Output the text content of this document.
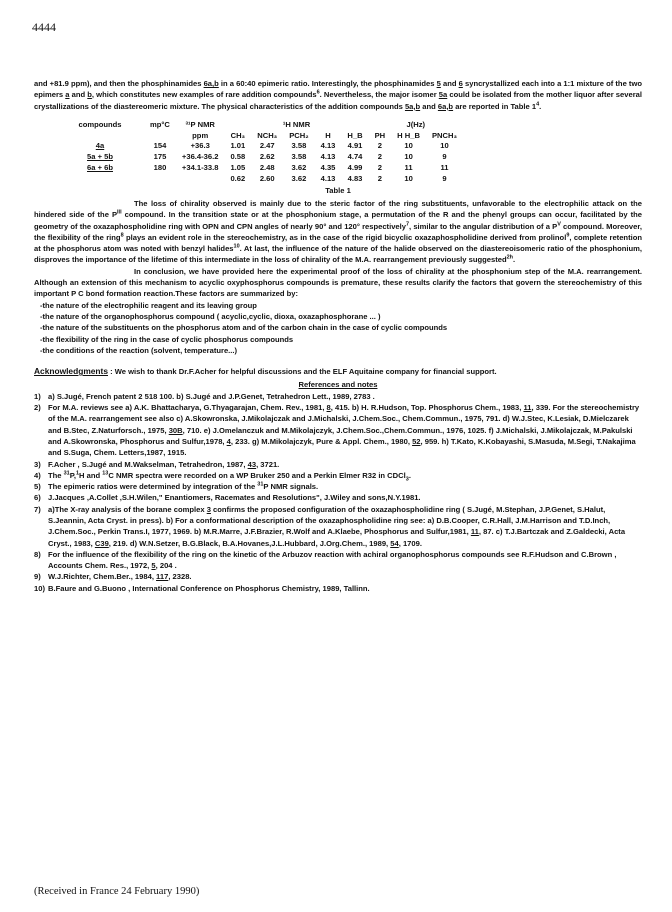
4444

and +81.9 ppm), and then the phosphinamides 6a,b in a 60:40 epimeric ratio. Interestingly, the phosphinamides 5 and 6 syncrystallized each into a 1:1 mixture of the two epimers a and b, which constitutes new examples of rare addition compounds$^6$. Nevertheless, the major isomer 5a could be isolated from the mother liquor after several crystallizations of the diastereomeric mixture. The physical characteristics of the addition compounds 5a,b and 6a,b are reported in Table $1^4$.

compounds	mp°C	³¹P NMR	¹H NMR					J(Hz)		
		ppm	CH₃	NCH₃	PCH₂	H	H_B	PH	H H_B	PNCH₃
4a	154	+36.3	1.01	2.47	3.58	4.13	4.91	2	10	10
5a + 5b	175	+36.4-36.2	0.58	2.62	3.58	4.13	4.74	2	10	9
6a + 6b	180	+34.1-33.8	1.05	2.48	3.62	4.35	4.99	2	11	11
			0.62	2.60	3.62	4.13	4.83	2	10	9
Table 1

The loss of chirality observed is mainly due to the steric factor of the ring substituents, unfavorable to the electrophilic attack on the hindered side of the $P^{III}$ compound. In the transition state or at the phosphonium stage, a permutation of the R and the phenyl groups can occur, facilitated by the geometry of the oxazaphospholidine ring with OPN and CPN angles of nearly 90° and 120° respectively$^7$, similar to the angular distribution of a $P^V$ compound. Moreover, the flexibility of the ring$^8$ plays an evident role in the stereochemistry, as in the case of the rigid bicyclic oxazaphospholidine derived from prolinol$^9$, complete retention at the phosphorus atom was noted with benzyl halides$^{10}$. At last, the influence of the nature of the halide observed on the diastereoisomeric ratio of the phosphonium, disproves the importance of the lifetime of this intermediate in the loss of chirality of the M.A. rearrangement previously suggested$^{2h}$.

In conclusion, we have provided here the experimental proof of the loss of chirality at the phosphonium step of the M.A. rearrangement. Although an extension of this mechanism to acyclic oxyphosphorus compounds is premature, these results clarify the factors that govern the stereochemistry of this important P C bond formation reaction.These factors are summarized by:

-the nature of the electrophilic reagent and its leaving group
-the nature of the organophosphorus compound ( acyclic,cyclic, dioxa, oxazaphosphorane ... )
-the nature of the substituents on the phosphorus atom and of the carbon chain in the case of cyclic compounds
-the flexibility of the ring in the case of cyclic phosphorus compounds
-the conditions of the reaction (solvent, temperature...)

Acknowledgments : We wish to thank Dr.F.Acher for helpful discussions and the ELF Aquitaine company for financial support.

References and notes
1) a) S.Jugé, French patent 2 518 100. b) S.Jugé and J.P.Genet, Tetrahedron Lett., 1989, 2783 .
2) For M.A. reviews see a) A.K. Bhattacharya, G.Thyagarajan, Chem. Rev., 1981, 8, 415. b) H. R.Hudson, Top. Phosphorus Chem., 1983, 11, 339. For the stereochemistry of the M.A. rearrangement see also c) A.Skowronska, J.Mikolajczak and J.Michalski, J.Chem.Soc., Chem.Commun., 1975, 791. d) W.J.Stec, K.Lesiak, D.Mielczarek and B.Stec, Z.Naturforsch., 1975, 30B, 710. e) J.Omelanczuk and M.Mikolajczyk, J.Chem.Soc.,Chem.Commun., 1976, 1025. f) J.Michalski, J.Mikolajczak, M.Pakulski and A.Skowronska, Phosphorus and Sulfur,1978, 4, 233. g) M.Mikolajczyk, Pure & Appl. Chem., 1980, 52, 959. h) T.Kato, K.Kobayashi, S.Masuda, M.Segi, T.Nakajima and S.Suga, Chem. Letters,1987, 1915.
3) F.Acher , S.Jugé and M.Wakselman, Tetrahedron, 1987, 43, 3721.
4) The $^{31}$P,$^1$H and $^{13}$C NMR spectra were recorded on a WP Bruker 250 and a Perkin Elmer R32 in CDCl$_3$.
5) The epimeric ratios were determined by integration of the $^{31}$P NMR signals.
6) J.Jacques ,A.Collet ,S.H.Wilen," Enantiomers, Racemates and Resolutions", J.Wiley and sons,N.Y.1981.
7) a)The X-ray analysis of the borane complex 3 confirms the proposed configuration of the oxazaphospholidine ring ( S.Jugé, M.Stephan, J.P.Genet, S.Halut, S.Jeannin, Acta Cryst. in press). b) For a conformational description of the oxazaphospholidine ring see: a) D.B.Cooper, C.R.Hall, J.M.Harrison and T.D.Inch, J.Chem.Soc., Perkin Trans.I, 1977, 1969. b) M.R.Marre, J.F.Brazier, R.Wolf and A.Klaebe, Phosphorus and Sulfur,1981, 11, 87. c) T.J.Bartczak and Z.Galdecki, Acta Cryst., 1983, C39, 219. d) W.N.Setzer, B.G.Black, B.A.Hovanes,J.L.Hubbard, J.Org.Chem., 1989, 54, 1709.
8) For the influence of the flexibility of the ring on the kinetic of the Arbuzov reaction with achiral organophosphorus compounds see R.F.Hudson and C.Brown , Accounts Chem. Res., 1972, 5, 204 .
9) W.J.Richter, Chem.Ber., 1984, 117, 2328.
10) B.Faure and G.Buono , International Conference on Phosphorus Chemistry, 1989, Tallinn.
(Received in France 24 February 1990)
